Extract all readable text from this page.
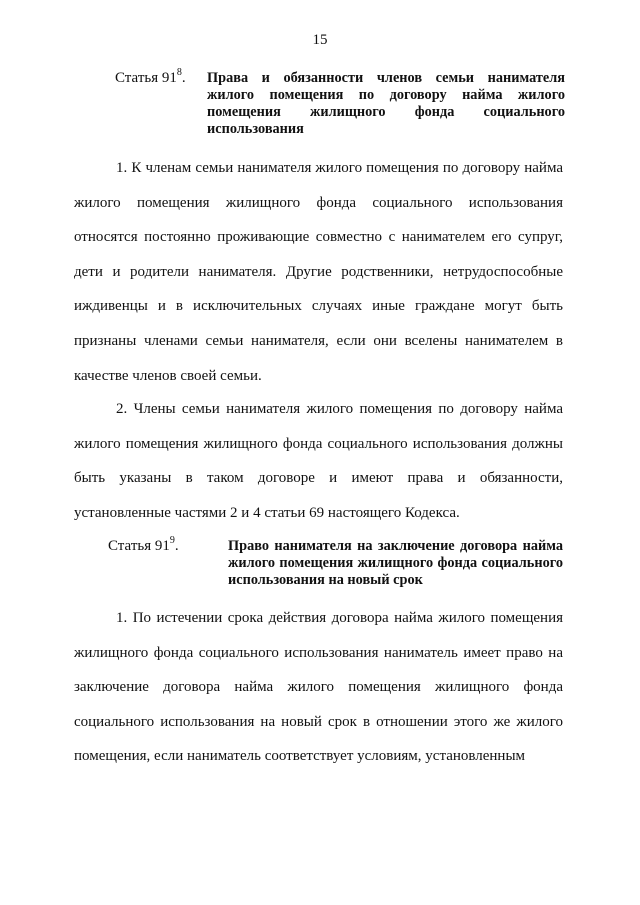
15
Статья $91^8$.	Права и обязанности членов семьи нанимателя жилого помещения по договору найма жилого помещения жилищного фонда социального использования
1. К членам семьи нанимателя жилого помещения по договору найма жилого помещения жилищного фонда социального использования относятся постоянно проживающие совместно с нанимателем его супруг, дети и родители нанимателя. Другие родственники, нетрудоспособные иждивенцы и в исключительных случаях иные граждане могут быть признаны членами семьи нанимателя, если они вселены нанимателем в качестве членов своей семьи.
2. Члены семьи нанимателя жилого помещения по договору найма жилого помещения жилищного фонда социального использования должны быть указаны в таком договоре и имеют права и обязанности, установленные частями 2 и 4 статьи 69 настоящего Кодекса.
Статья $91^9$.	Право нанимателя на заключение договора найма жилого помещения жилищного фонда социального использования на новый срок
1. По истечении срока действия договора найма жилого помещения жилищного фонда социального использования наниматель имеет право на заключение договора найма жилого помещения жилищного фонда социального использования на новый срок в отношении этого же жилого помещения, если наниматель соответствует условиям, установленным
